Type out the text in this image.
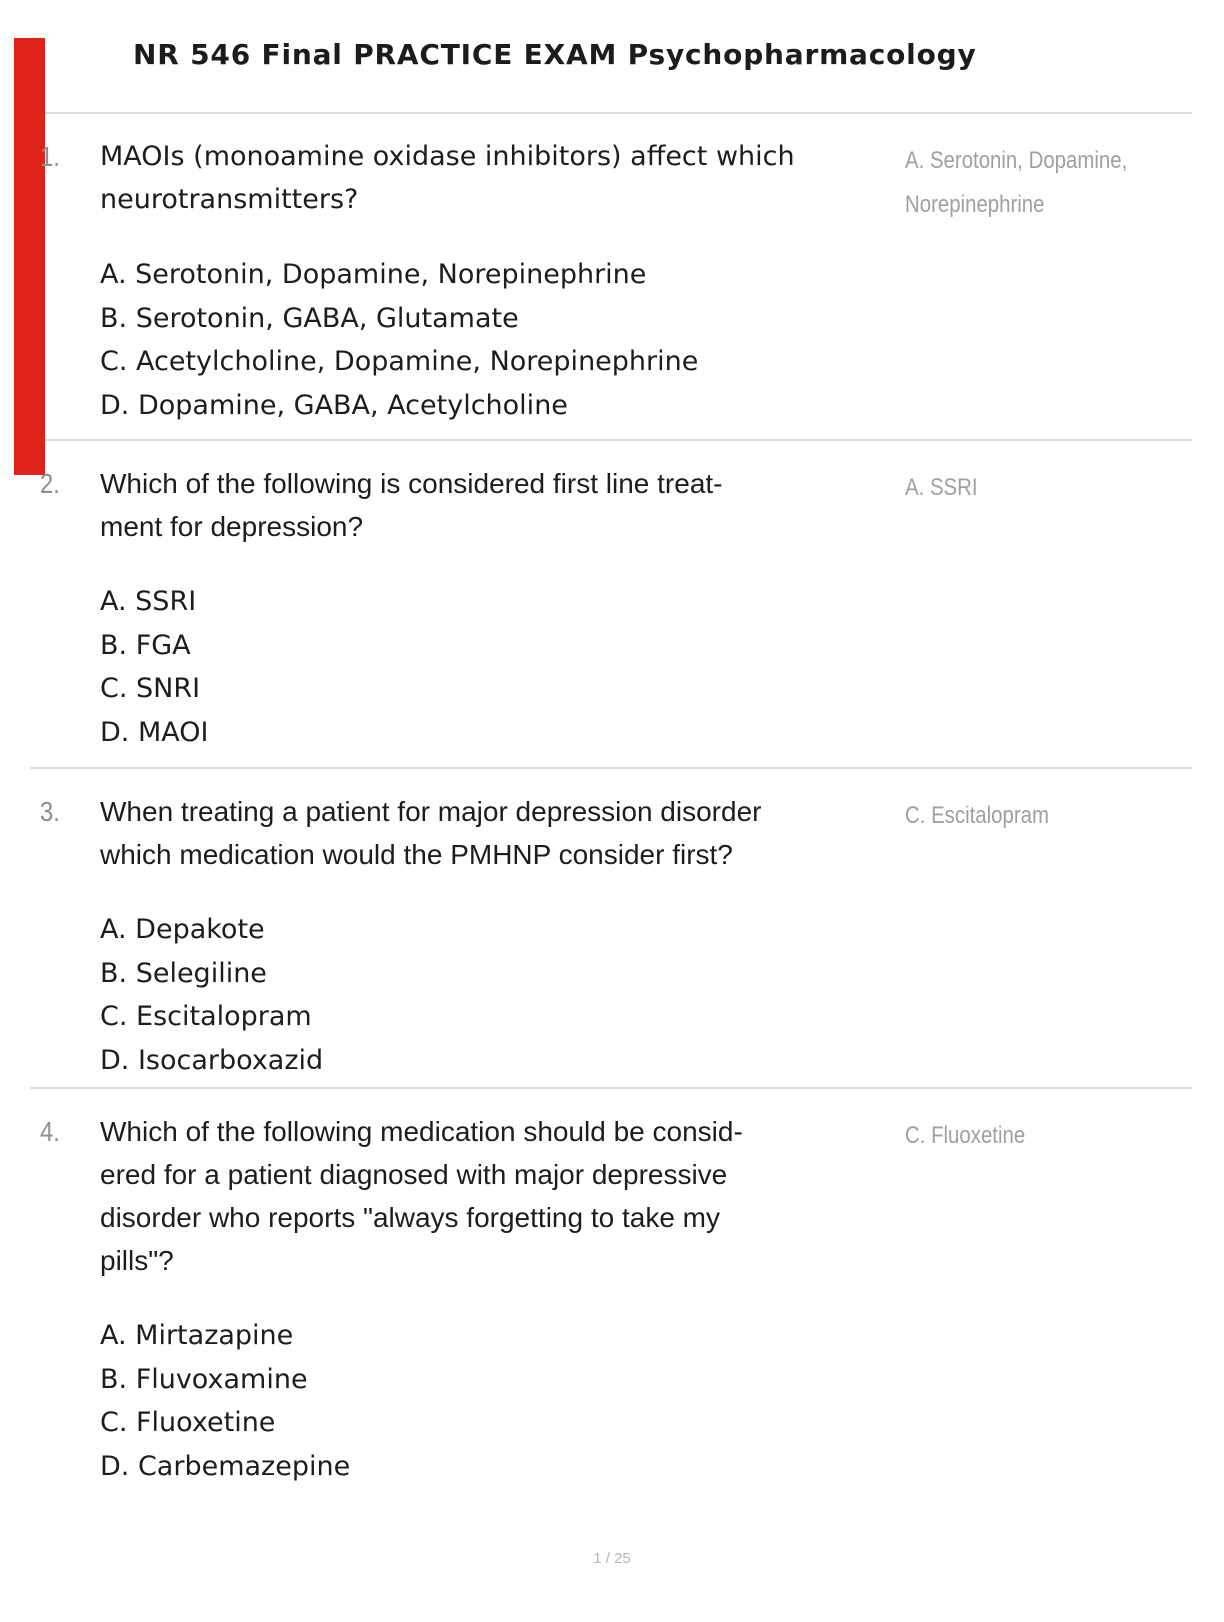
NR 546 Final PRACTICE EXAM Psychopharmacology
1.	MAOIs (monoamine oxidase inhibitors) affect which
neurotransmitters?
A. Serotonin, Dopamine, Norepinephrine
B. Serotonin, GABA, Glutamate
C. Acetylcholine, Dopamine, Norepinephrine
D. Dopamine, GABA, Acetylcholine
A. Serotonin, Dopamine,
Norepinephrine
2.	Which of the following is considered first line treat-
ment for depression?
A. SSRI
B. FGA
C. SNRI
D. MAOI
A. SSRI
3.	When treating a patient for major depression disorder
which medication would the PMHNP consider first?
A. Depakote
B. Selegiline
C. Escitalopram
D. Isocarboxazid
C. Escitalopram
4.	Which of the following medication should be consid-
ered for a patient diagnosed with major depressive
disorder who reports "always forgetting to take my
pills"?
A. Mirtazapine
B. Fluvoxamine
C. Fluoxetine
D. Carbemazepine
C. Fluoxetine
1 / 25
